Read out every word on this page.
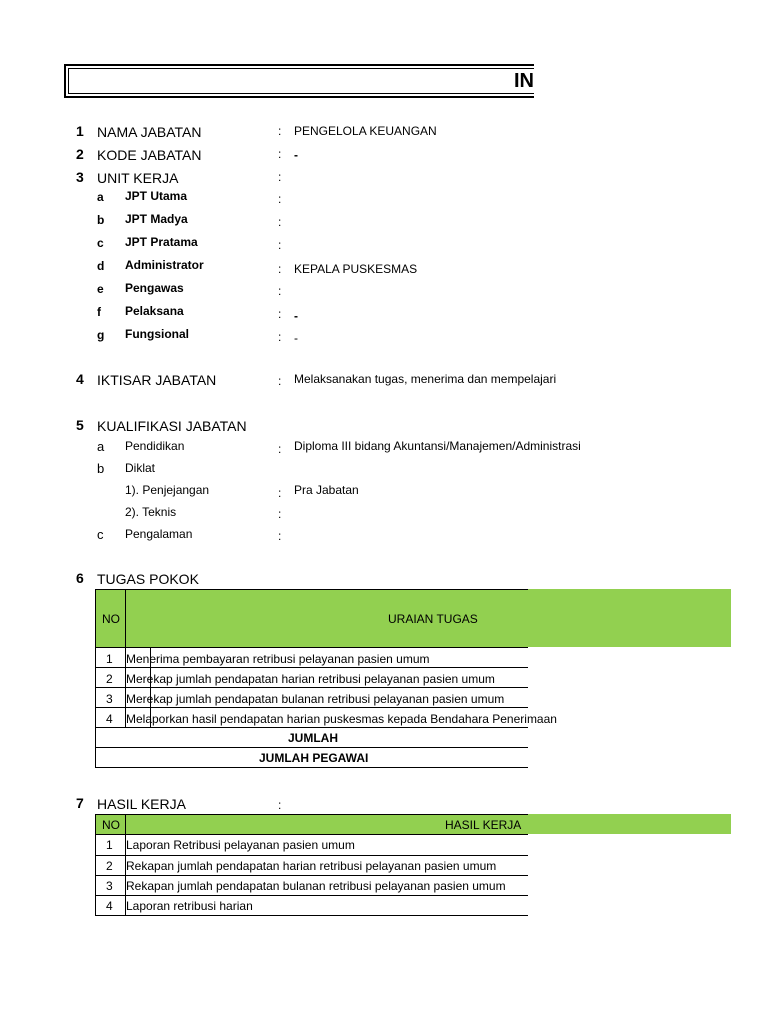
IN
1 NAMA JABATAN	: PENGELOLA KEUANGAN
2 KODE JABATAN	: -
3 UNIT KERJA	:
a JPT Utama	:
b JPT Madya	:
c JPT Pratama	:
d Administrator	: KEPALA PUSKESMAS
e Pengawas	:
f Pelaksana	: -
g Fungsional	: -
4 IKTISAR JABATAN	: Melaksanakan tugas, menerima dan mempelajari
5 KUALIFIKASI JABATAN
a Pendidikan	: Diploma III bidang Akuntansi/Manajemen/Administrasi
b Diklat
1). Penjejangan	: Pra Jabatan
2). Teknis	:
c Pengalaman	:
6 TUGAS POKOK
NO	URAIAN TUGAS
1 Menerima pembayaran retribusi pelayanan pasien umum
2 Merekap jumlah pendapatan harian retribusi pelayanan pasien umum
3 Merekap jumlah pendapatan bulanan retribusi pelayanan pasien umum
4 Melaporkan hasil pendapatan harian puskesmas kepada Bendahara Penerimaan
JUMLAH
JUMLAH PEGAWAI
7 HASIL KERJA	:
NO	HASIL KERJA
1 Laporan Retribusi pelayanan pasien umum
2 Rekapan jumlah pendapatan harian retribusi pelayanan pasien umum
3 Rekapan jumlah pendapatan bulanan retribusi pelayanan pasien umum
4 Laporan retribusi harian
